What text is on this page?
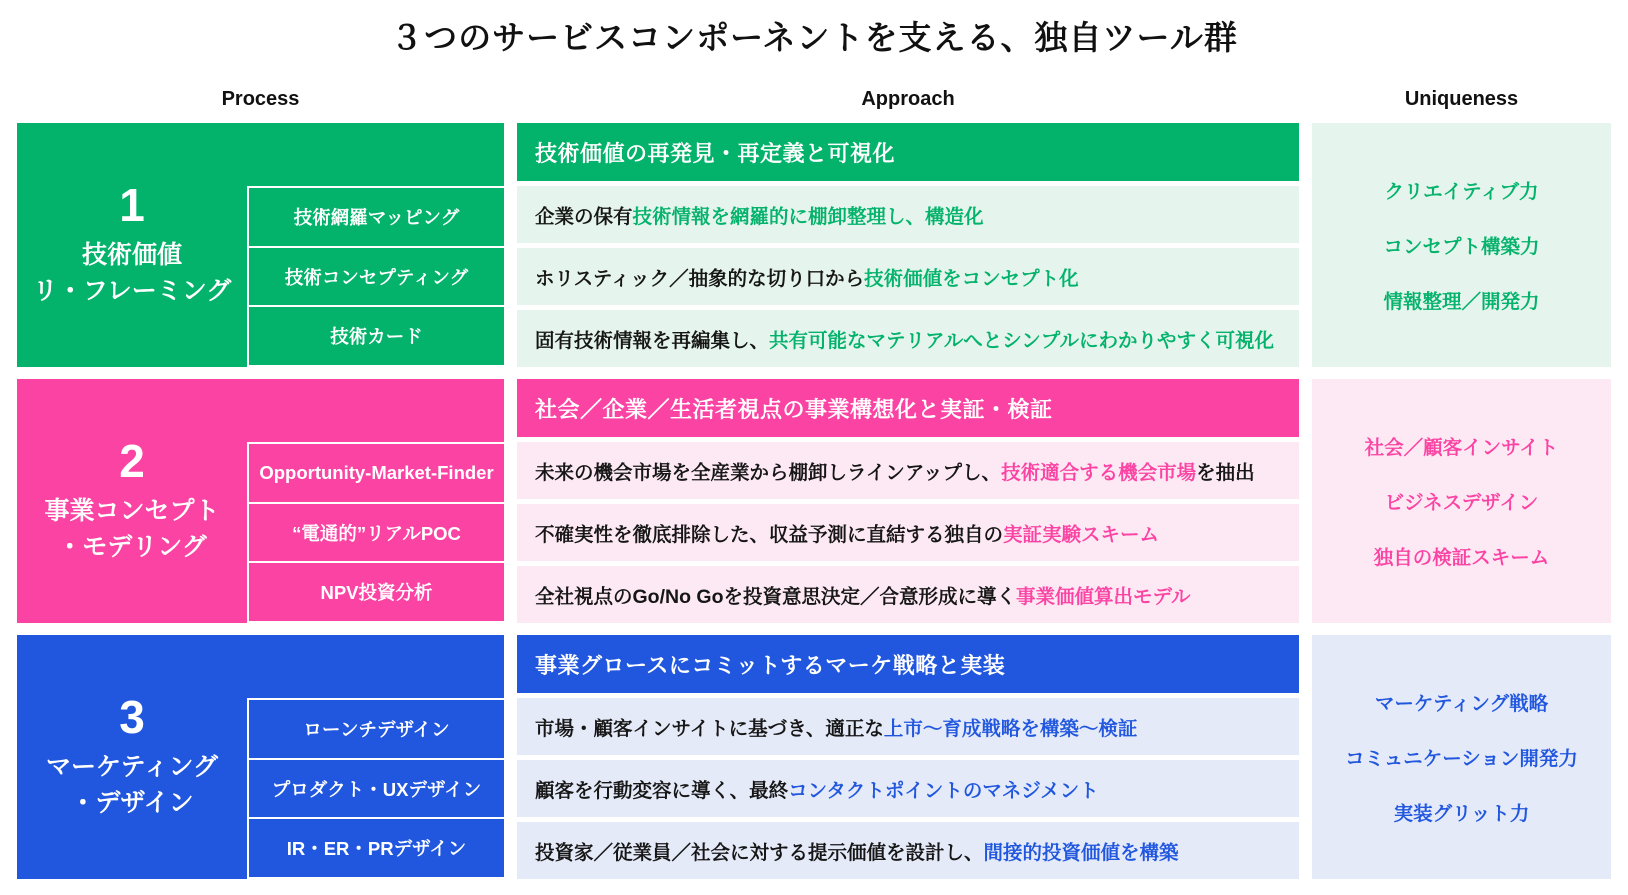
３つのサービスコンポーネントを支える、独自ツール群
Process	Approach	Uniqueness
1
技術価値
リ・フレーミング
技術網羅マッピング
技術コンセプティング
技術カード
技術価値の再発見・再定義と可視化
企業の保有 技術情報を網羅的に棚卸整理し、構造化
ホリスティック／抽象的な切り口から 技術価値をコンセプト化
固有技術情報を再編集し、 共有可能なマテリアルへとシンプルにわかりやすく可視化
クリエイティブ力
コンセプト構築力
情報整理／開発力
2
事業コンセプト
・モデリング
Opportunity-Market-Finder
“電通的”リアルPOC
NPV投資分析
社会／企業／生活者視点の事業構想化と実証・検証
未来の機会市場を全産業から棚卸しラインアップし、 技術適合する機会市場 を抽出
不確実性を徹底排除した、収益予測に直結する独自の 実証実験スキーム
全社視点のGo/No Goを投資意思決定／合意形成に導く 事業価値算出モデル
社会／顧客インサイト
ビジネスデザイン
独自の検証スキーム
3
マーケティング
・デザイン
ローンチデザイン
プロダクト・UXデザイン
IR・ER・PRデザイン
事業グロースにコミットするマーケ戦略と実装
市場・顧客インサイトに基づき、適正な 上市〜育成戦略を構築〜検証
顧客を行動変容に導く、最終 コンタクトポイントのマネジメント
投資家／従業員／社会に対する提示価値を設計し、 間接的投資価値を構築
マーケティング戦略
コミュニケーション開発力
実装グリット力
